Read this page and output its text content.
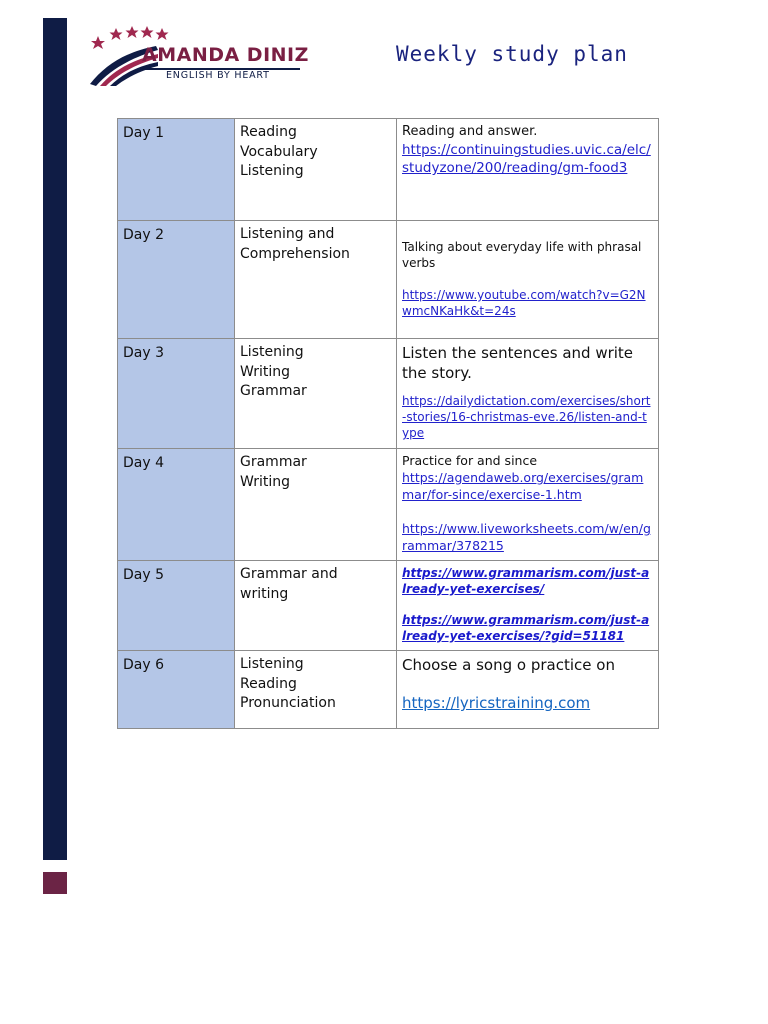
AMANDA DINIZ
ENGLISH BY HEART
Weekly study plan
Day 1	Reading
Vocabulary
Listening	Reading and answer.
https://continuingstudies.uvic.ca/elc/studyzone/200/reading/gm-food3

Day 2	Listening and
Comprehension	Talking about everyday life with phrasal verbs
https://www.youtube.com/watch?v=G2NwmcNKaHk&t=24s

Day 3	Listening
Writing
Grammar	Listen the sentences and write the story.
https://dailydictation.com/exercises/short-stories/16-christmas-eve.26/listen-and-type

Day 4	Grammar
Writing	Practice for and since
https://agendaweb.org/exercises/grammar/for-since/exercise-1.htm
https://www.liveworksheets.com/w/en/grammar/378215

Day 5	Grammar and
writing	https://www.grammarism.com/just-already-yet-exercises/
https://www.grammarism.com/just-already-yet-exercises/?gid=51181

Day 6	Listening
Reading
Pronunciation	Choose a song o practice on
https://lyricstraining.com
